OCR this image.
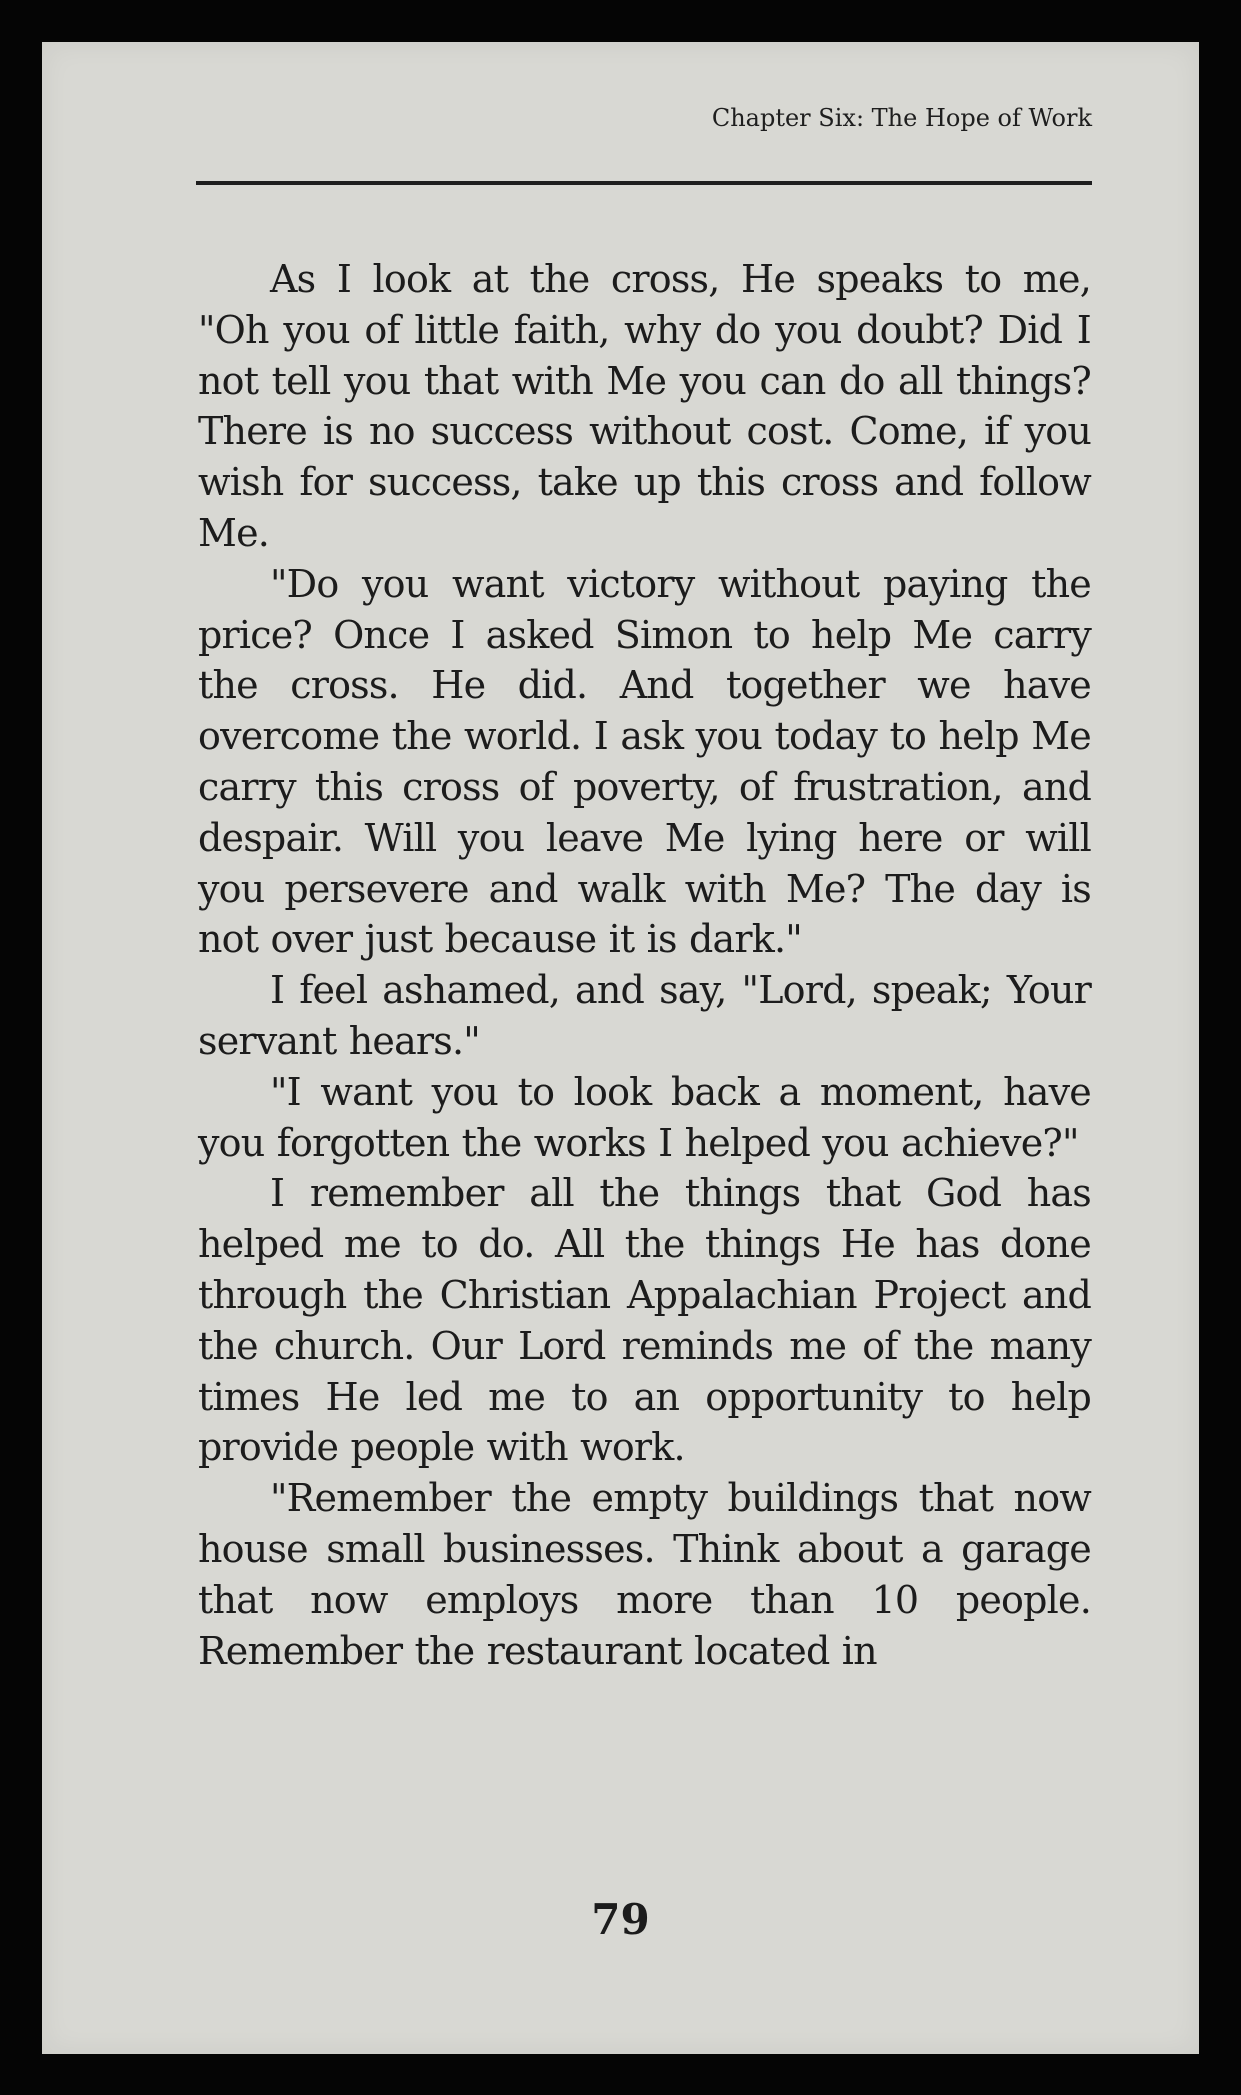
Chapter Six: The Hope of Work

As I look at the cross, He speaks to me, "Oh you of little faith, why do you doubt? Did I not tell you that with Me you can do all things? There is no success without cost. Come, if you wish for success, take up this cross and follow Me.

"Do you want victory without paying the price? Once I asked Simon to help Me carry the cross. He did. And together we have overcome the world. I ask you today to help Me carry this cross of poverty, of frustration, and despair. Will you leave Me lying here or will you persevere and walk with Me? The day is not over just because it is dark."

I feel ashamed, and say, "Lord, speak; Your servant hears."

"I want you to look back a moment, have you forgotten the works I helped you achieve?"

I remember all the things that God has helped me to do. All the things He has done through the Christian Appalachian Project and the church. Our Lord reminds me of the many times He led me to an opportunity to help provide people with work.

"Remember the empty buildings that now house small businesses. Think about a garage that now employs more than 10 people. Remember the restaurant located in

79
